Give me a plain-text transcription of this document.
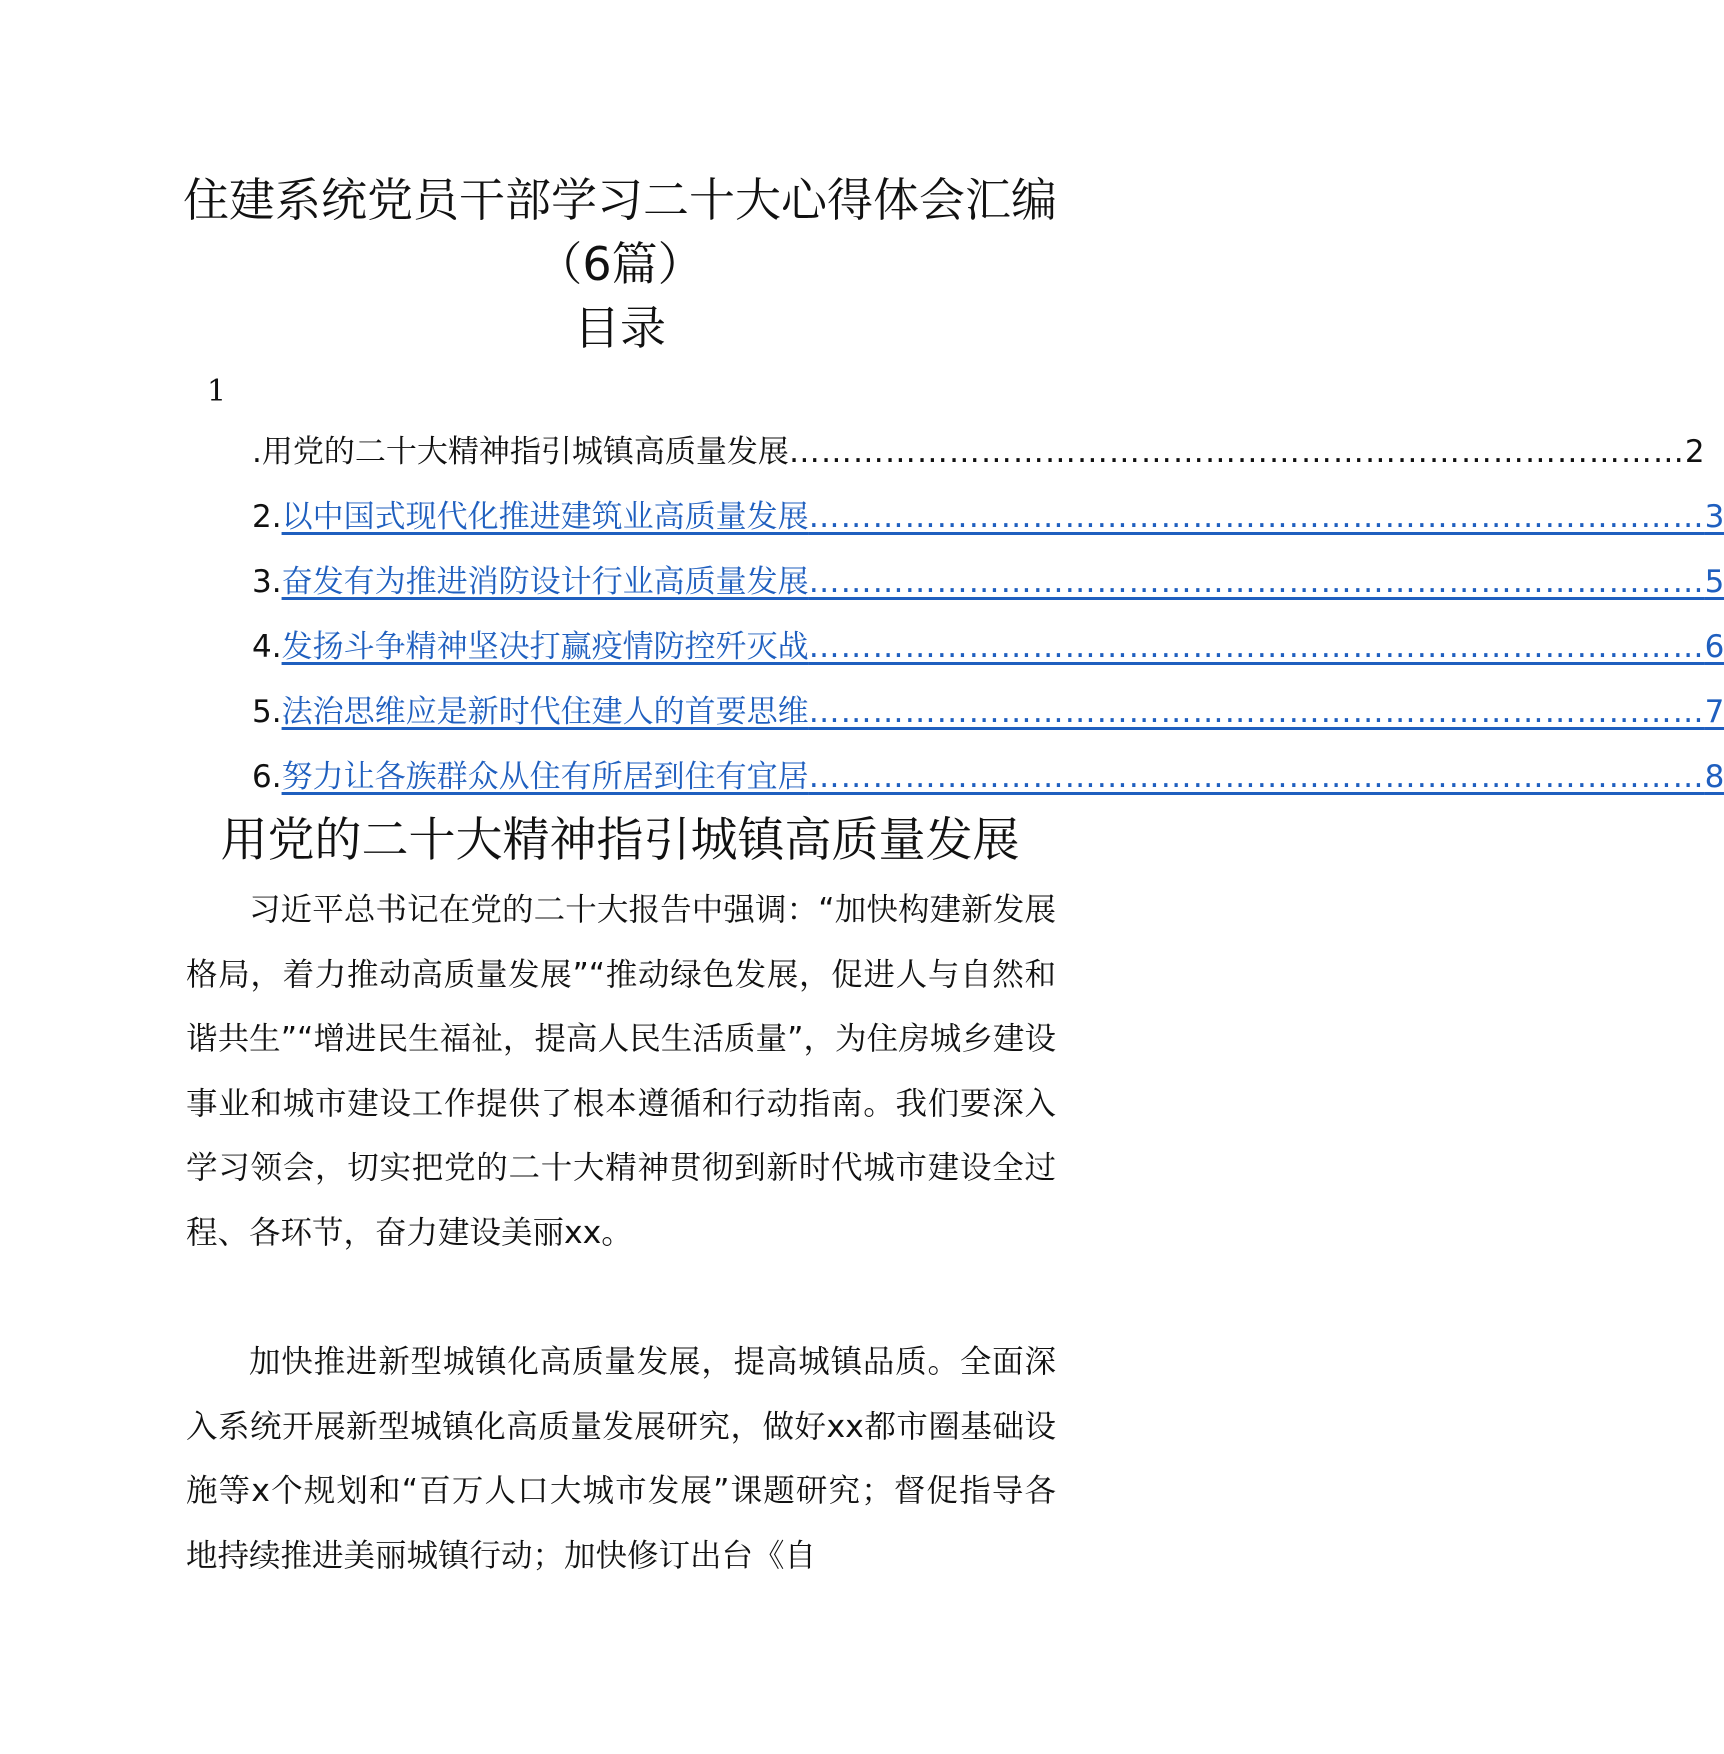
住建系统党员干部学习二十大心得体会汇编（6篇）
目录
1
.用党的二十大精神指引城镇高质量发展 ………………………………………………………………………… 2
2. 以中国式现代化推进建筑业高质量发展 ………………………………………………………………………… 3
3. 奋发有为推进消防设计行业高质量发展 ………………………………………………………………………… 5
4. 发扬斗争精神坚决打赢疫情防控歼灭战 ………………………………………………………………………… 6
5. 法治思维应是新时代住建人的首要思维 ………………………………………………………………………… 7
6. 努力让各族群众从住有所居到住有宜居 ………………………………………………………………………… 8
用党的二十大精神指引城镇高质量发展

习近平总书记在党的二十大报告中强调：“加快构建新发展格局，着力推动高质量发展”“推动绿色发展，促进人与自然和谐共生”“增进民生福祉，提高人民生活质量”，为住房城乡建设事业和城市建设工作提供了根本遵循和行动指南。我们要深入学习领会，切实把党的二十大精神贯彻到新时代城市建设全过程、各环节，奋力建设美丽xx。

加快推进新型城镇化高质量发展，提高城镇品质。全面深入系统开展新型城镇化高质量发展研究，做好xx都市圈基础设施等x个规划和“百万人口大城市发展”课题研究；督促指导各地持续推进美丽城镇行动；加快修订出台《自
